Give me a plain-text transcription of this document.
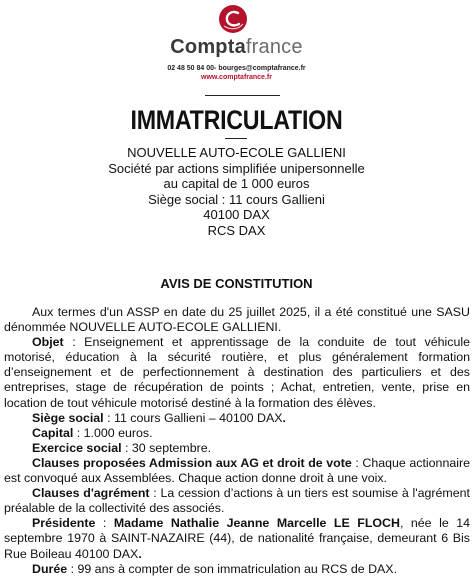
Comptafrance
02 48 50 84 00- bourges@comptafrance.fr
www.comptafrance.fr
IMMATRICULATION
NOUVELLE AUTO-ECOLE GALLIENI
Société par actions simplifiée unipersonnelle
au capital de 1 000 euros
Siège social : 11 cours Gallieni
40100 DAX
RCS DAX
AVIS DE CONSTITUTION

Aux termes d'un ASSP en date du 25 juillet 2025, il a été constitué une SASU dénommée NOUVELLE AUTO-ECOLE GALLIENI.

Objet : Enseignement et apprentissage de la conduite de tout véhicule motorisé, éducation à la sécurité routière, et plus généralement formation d’enseignement et de perfectionnement à destination des particuliers et des entreprises, stage de récupération de points ; Achat, entretien, vente, prise en location de tout véhicule motorisé destiné à la formation des élèves.

Siège social : 11 cours Gallieni – 40100 DAX.

Capital : 1.000 euros.

Exercice social : 30 septembre.

Clauses proposées Admission aux AG et droit de vote : Chaque actionnaire est convoqué aux Assemblées. Chaque action donne droit à une voix.

Clauses d'agrément : La cession d’actions à un tiers est soumise à l'agrément préalable de la collectivité des associés.

Présidente : Madame Nathalie Jeanne Marcelle LE FLOCH, née le 14 septembre 1970 à SAINT-NAZAIRE (44), de nationalité française, demeurant 6 Bis Rue Boileau 40100 DAX.

Durée : 99 ans à compter de son immatriculation au RCS de DAX.
